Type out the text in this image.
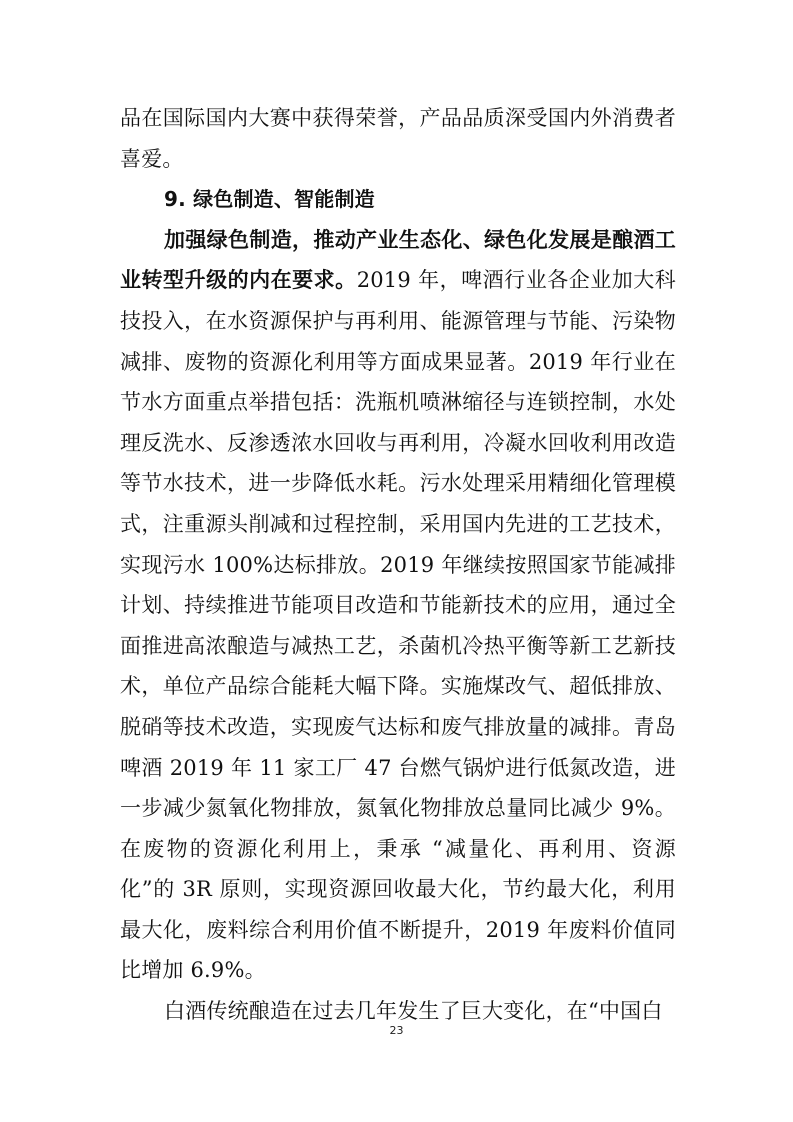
品在国际国内大赛中获得荣誉，产品品质深受国内外消费者喜爱。

9. 绿色制造、智能制造

加强绿色制造，推动产业生态化、绿色化发展是酿酒工业转型升级的内在要求。2019 年，啤酒行业各企业加大科技投入，在水资源保护与再利用、能源管理与节能、污染物减排、废物的资源化利用等方面成果显著。2019 年行业在节水方面重点举措包括：洗瓶机喷淋缩径与连锁控制，水处理反洗水、反渗透浓水回收与再利用，冷凝水回收利用改造等节水技术，进一步降低水耗。污水处理采用精细化管理模式，注重源头削减和过程控制，采用国内先进的工艺技术，实现污水 100%达标排放。2019 年继续按照国家节能减排计划、持续推进节能项目改造和节能新技术的应用，通过全面推进高浓酿造与减热工艺，杀菌机冷热平衡等新工艺新技术，单位产品综合能耗大幅下降。实施煤改气、超低排放、脱硝等技术改造，实现废气达标和废气排放量的减排。青岛啤酒 2019 年 11 家工厂 47 台燃气锅炉进行低氮改造，进一步减少氮氧化物排放，氮氧化物排放总量同比减少 9%。在废物的资源化利用上，秉承 “减量化、再利用、资源化”的 3R 原则，实现资源回收最大化，节约最大化，利用最大化，废料综合利用价值不断提升，2019 年废料价值同比增加 6.9%。

白酒传统酿造在过去几年发生了巨大变化，在“中国白

23
